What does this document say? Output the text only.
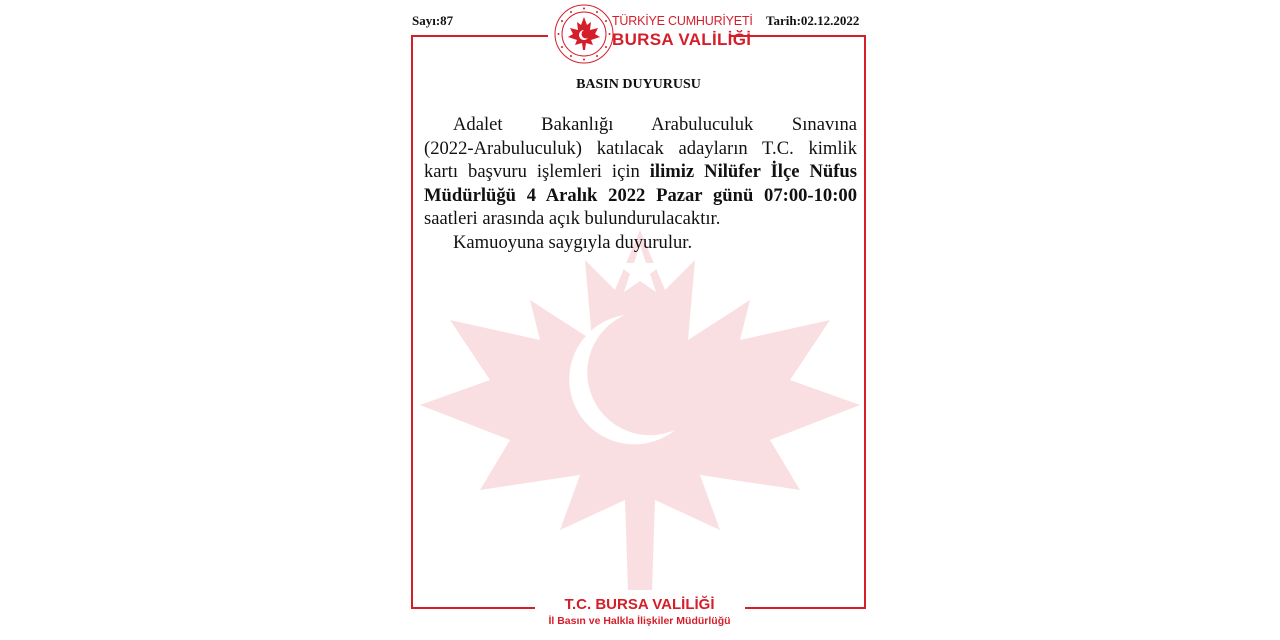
Sayı:87	Tarih:02.12.2022
TÜRKİYE CUMHURİYETİ
BURSA VALİLİĞİ
BASIN DUYURUSU
Adalet Bakanlığı Arabuluculuk Sınavına
(2022-Arabuluculuk) katılacak adayların T.C. kimlik
kartı başvuru işlemleri için ilimiz Nilüfer İlçe Nüfus
Müdürlüğü 4 Aralık 2022 Pazar günü 07:00-10:00
saatleri arasında açık bulundurulacaktır.
Kamuoyuna saygıyla duyurulur.
T.C. BURSA VALİLİĞİ
İl Basın ve Halkla İlişkiler Müdürlüğü
